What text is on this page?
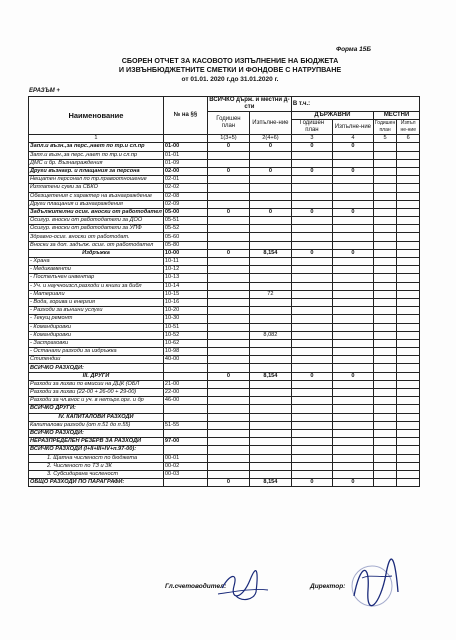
Форма 15Б
СБОРЕН ОТЧЕТ ЗА КАСОВОТО ИЗПЪЛНЕНИЕ НА БЮДЖЕТА
И ИЗВЪНБЮДЖЕТНИТЕ СМЕТКИ И ФОНДОВЕ С НАТРУПВАНЕ
от 01.01. 2020 г.до 31.01.2020 г.
ЕРАЗЪМ +
Наименование	№ на §§	ВСИЧКО държ. и местни д-сти		В т.ч.:			
		Годишен план	Изпълне-ние	ДЪРЖАВНИ		МЕСТНИ	
				Годишен план	Изпълне-ние	Годишен план	Изпъл не-ние
1		1(3+5)	2(4+6)	3	4	5	6
Запл.и възн.,за перс.,нает по тр.и сл.пр	01-00	0	0	0	0		
Запл.и възн.,за перс.,нает по тр.и сл.пр	01-01						
ДМС и бр. Възнаграждения	01-09						
Други възнагр. и плащания за персона	02-00	0	0	0	0		
Нещатен персонал по тр.правоотношение	02-01						
Изплатени суми за СБКО	02-02						
Обезщетения с характер на възнаграждение	02-08						
Други плащания и възнаграждения	02-09						
Задължителни осиг. вноски от работодател	05-00	0	0	0	0		
Осигур. вноски от работодатели за ДОО	05-51						
Осигур. вноски от работодатели за УПФ	05-52						
Здравно-осиг. вноски от работодат.	05-60						
Вноски за доп. задълж. осиг. от работодател	05-80						
Издръжка	10-00	0	8,154	0	0		
- Храна	10-11						
- Медикаменти	10-12						
- Постелъчен инвентар	10-13						
- Уч. и научноизсл.разходи и книги за библ	10-14						
- Материали	10-15		72				
- Вода, горива и енергия	10-16						
- Разходи за външни услуги	10-20						
- Текущ ремонт	10-30						
- Командировки	10-51						
- Командировки	10-52		8,082				
- Застраховки	10-62						
- Останали разходи за издръжка	10-98						
Стипендии	40-00						
ВСИЧКО РАЗХОДИ:							
III. ДРУГИ		0	8,154	0	0		
Разходи за лихви по емисии на ДЦК (ОБЛ	21-00						
Разходи за лихви (22-00 + 26-00 + 29-00)	22-00						
Разходи за чл.внос и уч. в нетърг.орг. и др	46-00						
ВСИЧКО ДРУГИ:							
IV. КАПИТАЛОВИ РАЗХОДИ							
Капиталови разходи (от п.51 до п.55)	51-55						
ВСИЧКО РАЗХОДИ:							
НЕРАЗПРЕДЕЛЕН РЕЗЕРВ ЗА РАЗХОДИ	97-00						
ВСИЧКО РАЗХОДИ (I+II+III+IV+п.97-00):							
1. Щатна численост по бюджета	00-01						
2. Численост по ТЗ и ЗК	00-02						
3. Субсидирана численост	00-03						
ОБЩО РАЗХОДИ ПО ПАРАГРАФИ:		0	8,154	0	0		
Гл.счетоводител:	Директор:
